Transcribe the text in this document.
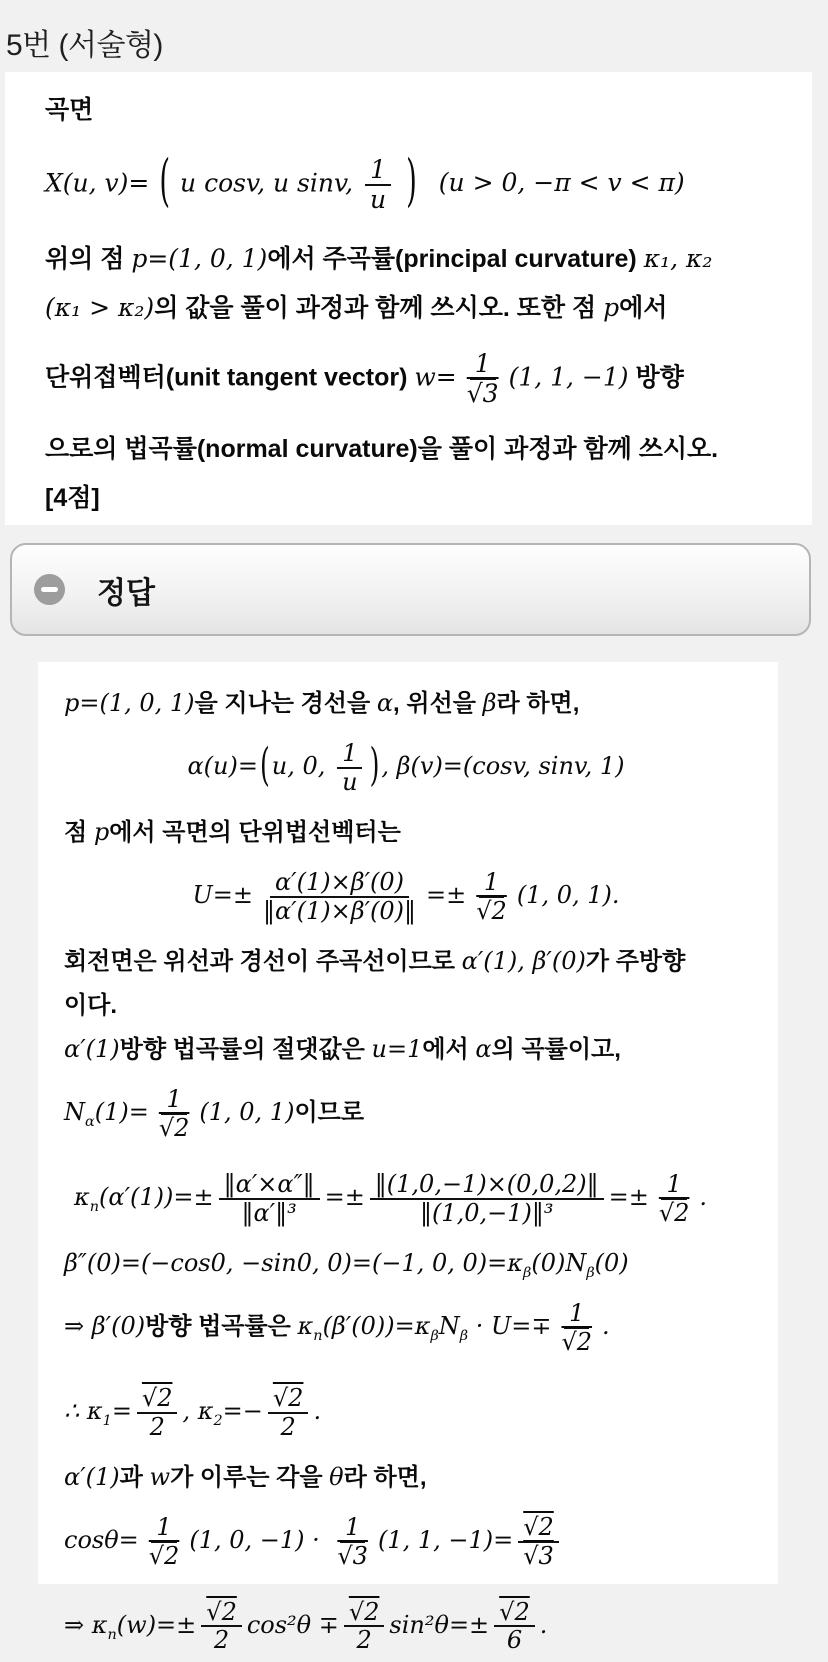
5번 (서술형)

곡면

X(u, v)= ( u cosv, u sinv, $\frac{1}{u}$ ) (u > 0, −π < v < π)

위의 점 p=(1, 0, 1)에서 주곡률(principal curvature) κ₁, κ₂

(κ₁ > κ₂)의 값을 풀이 과정과 함께 쓰시오. 또한 점 p에서

단위접벡터(unit tangent vector) $w= \frac{1}{√3} (1$, 1, −1) 방향

으로의 법곡률(normal curvature)을 풀이 과정과 함께 쓰시오.

[4점]

정답

p=(1, 0, 1)을 지나는 경선을 α, 위선을 β라 하면,

α(u)=(u, 0, $\frac{1}{u}$ ), β(v)=(cosv, sinv, 1)

점 p에서 곡면의 단위법선벡터는

$U=\pm \frac{\alpha'(1)\times\beta'(0)}{‖\alpha'(1)\times\beta'(0)‖} =\pm \frac{1}{√2} (1$, 0, 1).

회전면은 위선과 경선이 주곡선이므로 α′(1), β′(0)가 주방향

이다.

α′(1)방향 법곡률의 절댓값은 u=1에서 α의 곡률이고,

$N_\alpha(1)= \frac{1}{√2} (1$, 0, 1)이므로

$\kappa_n(\alpha'(1))=\pm \frac{‖\alpha'\times\alpha''‖}{\text{‖α′‖³}} =\pm \frac{‖(1,0,-1)\times(0,0,2)‖}{\text{‖(1,0,−1)‖³}} =\pm \frac{1}{√2}$ .

β″(0)=(−cos0, −sin0, 0)=(−1, 0, $0)=\kappa_\beta(0)N_\beta(0)$

⇒ β′(0)방향 법곡률은 $\kappa_n(\beta'(0))=\kappa_\beta N_\beta \cdot U=\mp \frac{1}{√2}$ .

∴ $\kappa_1= \frac{√2}{2}$ , $\kappa_2=- \frac{√2}{2}$ .

α′(1)과 w가 이루는 각을 θ라 하면,

$\cos\theta= \frac{1}{√2} (1$, 0, $-1) \cdot \frac{1}{√3} (1$, 1, $-1)= \frac{√2}{√3}$

⇒ $\kappa_n(w)=\pm \frac{√2}{2} \cos^2\theta \mp \frac{√2}{2} \sin^2\theta=\pm \frac{√2}{6}$ .
